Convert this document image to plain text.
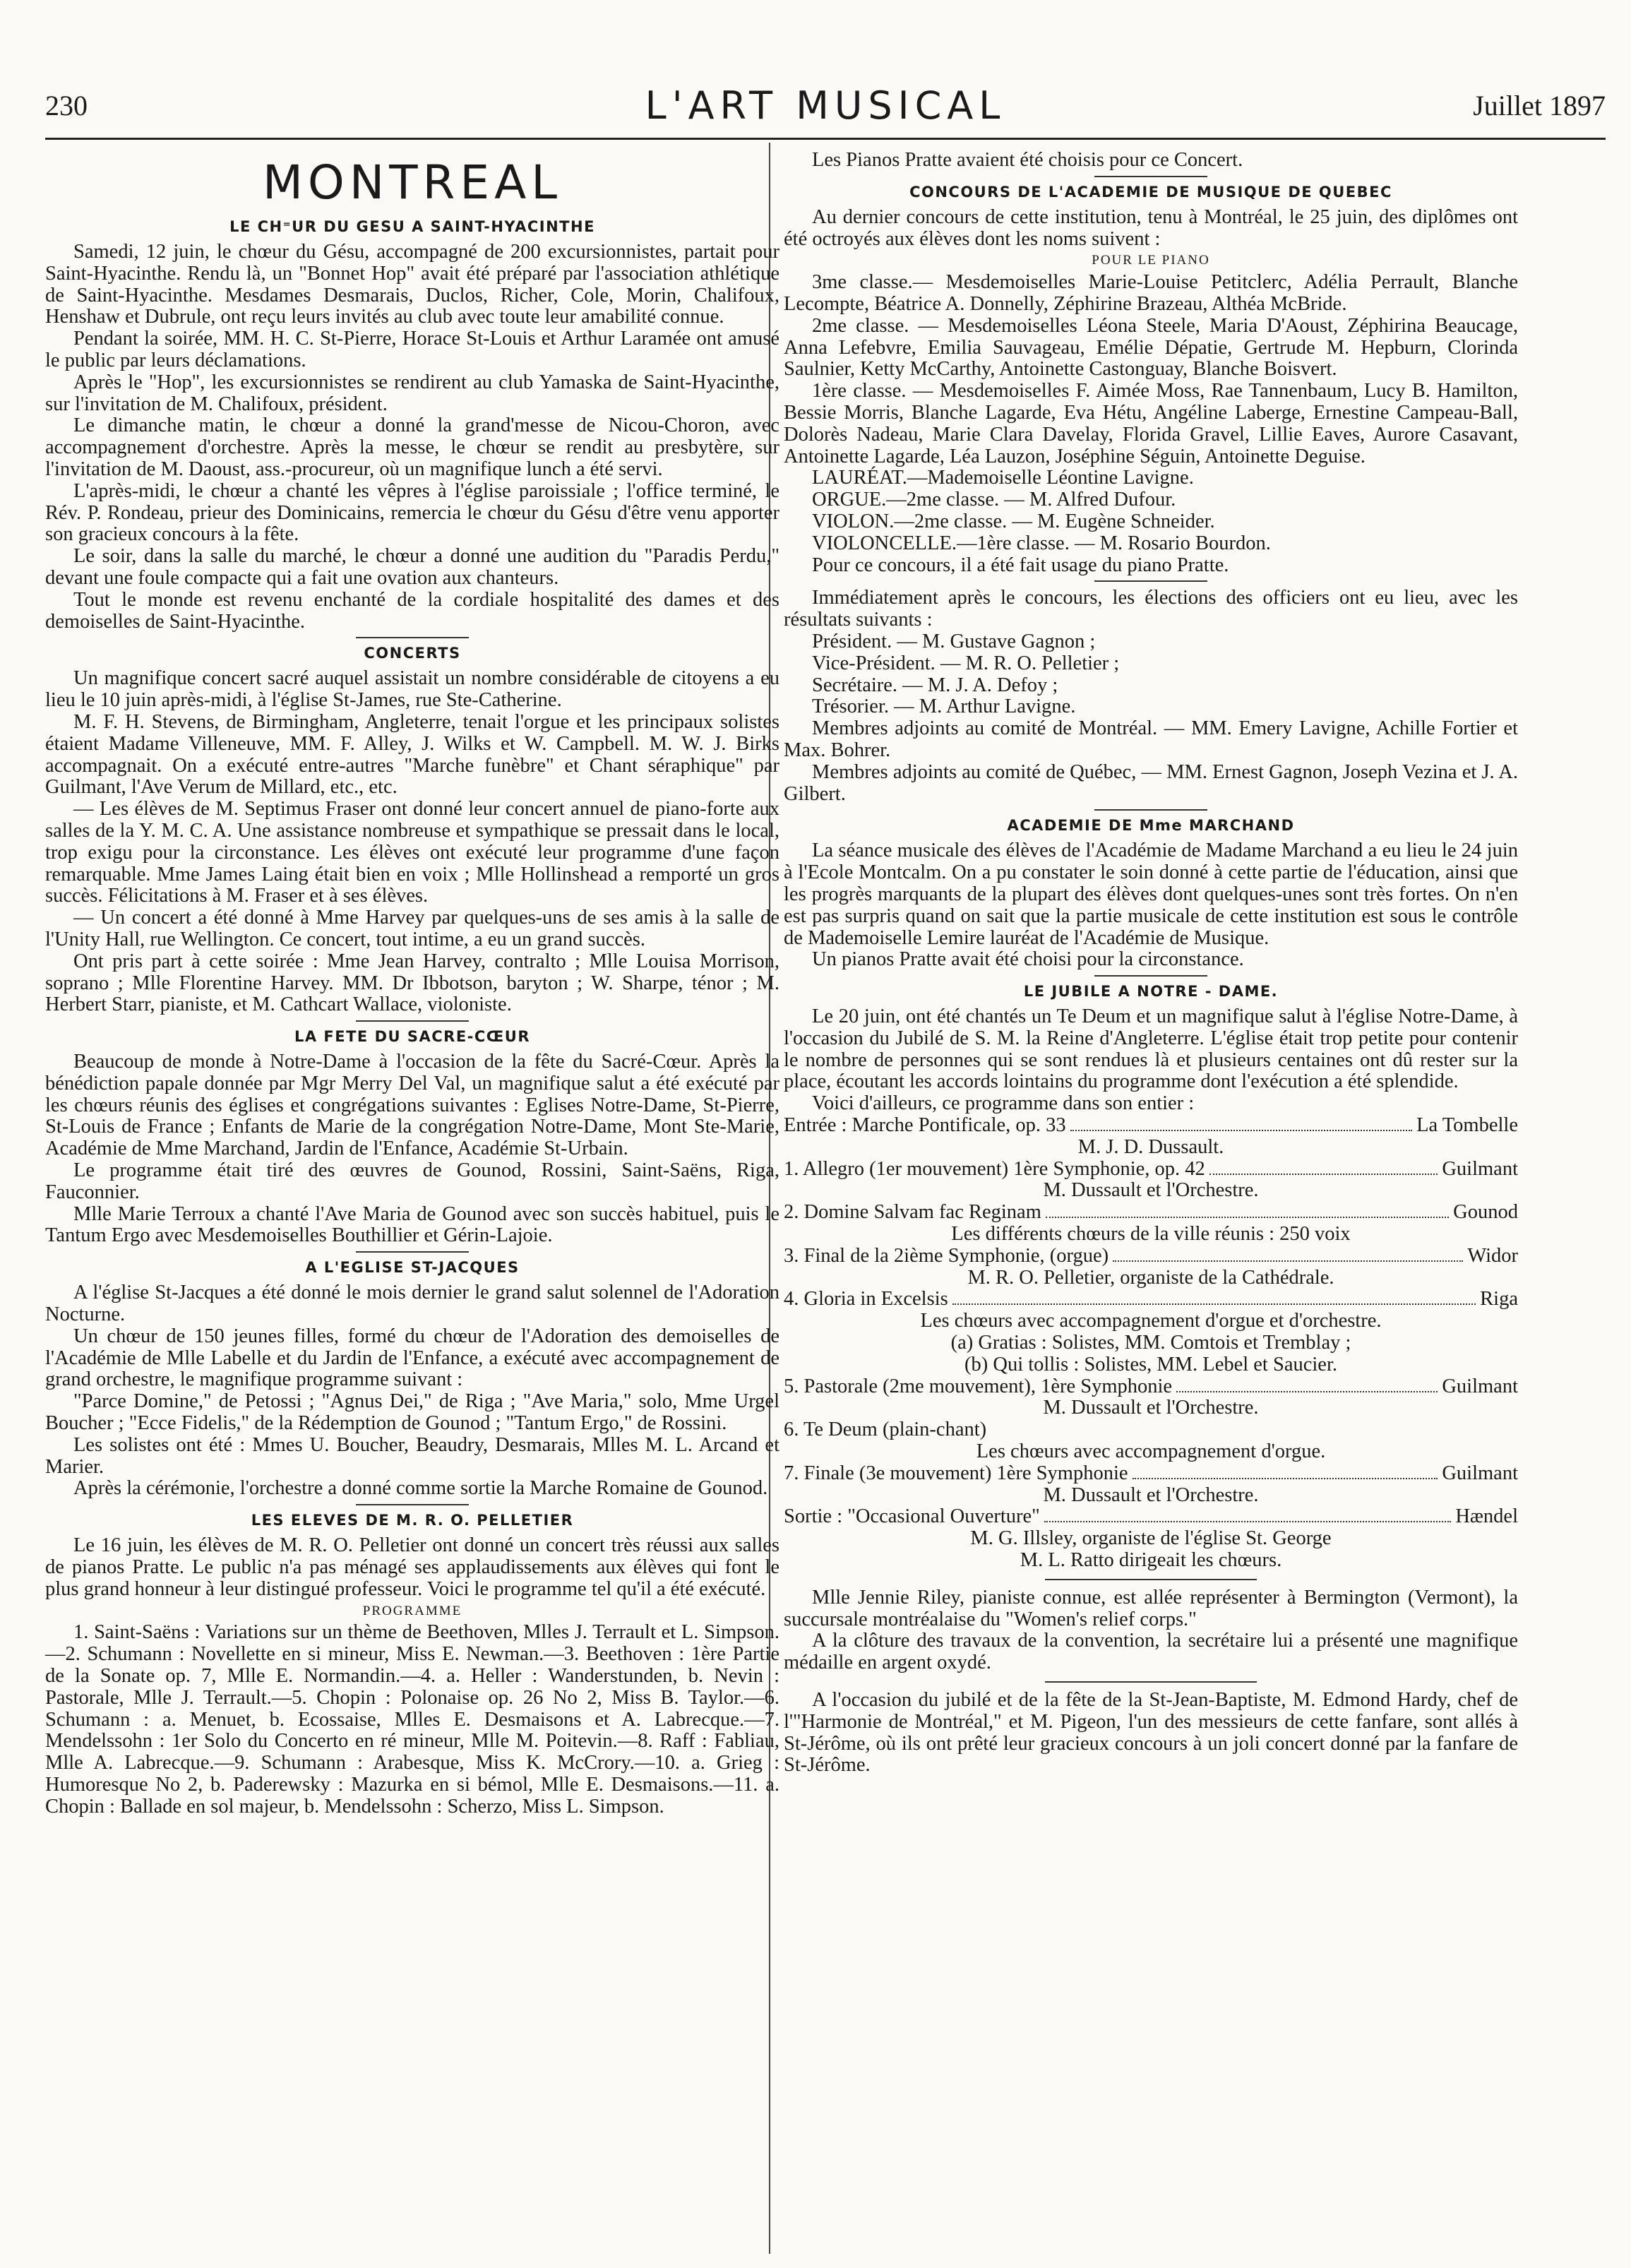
230	L'ART MUSICAL	Juillet 1897
MONTREAL
LE CH⁼UR DU GESU A SAINT-HYACINTHE

Samedi, 12 juin, le chœur du Gésu, accompagné de 200 excursionnistes, partait pour Saint-Hyacinthe. Rendu là, un "Bonnet Hop" avait été préparé par l'association athlétique de Saint-Hyacinthe. Mesdames Desmarais, Duclos, Richer, Cole, Morin, Chalifoux, Henshaw et Dubrule, ont reçu leurs invités au club avec toute leur amabilité connue.

Pendant la soirée, MM. H. C. St-Pierre, Horace St-Louis et Arthur Laramée ont amusé le public par leurs déclamations.

Après le "Hop", les excursionnistes se rendirent au club Yamaska de Saint-Hyacinthe, sur l'invitation de M. Chalifoux, président.

Le dimanche matin, le chœur a donné la grand'messe de Nicou-Choron, avec accompagnement d'orchestre. Après la messe, le chœur se rendit au presbytère, sur l'invitation de M. Daoust, ass.-procureur, où un magnifique lunch a été servi.

L'après-midi, le chœur a chanté les vêpres à l'église paroissiale ; l'office terminé, le Rév. P. Rondeau, prieur des Dominicains, remercia le chœur du Gésu d'être venu apporter son gracieux concours à la fête.

Le soir, dans la salle du marché, le chœur a donné une audition du "Paradis Perdu," devant une foule compacte qui a fait une ovation aux chanteurs.

Tout le monde est revenu enchanté de la cordiale hospitalité des dames et des demoiselles de Saint-Hyacinthe.

CONCERTS

Un magnifique concert sacré auquel assistait un nombre considérable de citoyens a eu lieu le 10 juin après-midi, à l'église St-James, rue Ste-Catherine.

M. F. H. Stevens, de Birmingham, Angleterre, tenait l'orgue et les principaux solistes étaient Madame Villeneuve, MM. F. Alley, J. Wilks et W. Campbell. M. W. J. Birks accompagnait. On a exécuté entre-autres "Marche funèbre" et Chant séraphique" par Guilmant, l'Ave Verum de Millard, etc., etc.

— Les élèves de M. Septimus Fraser ont donné leur concert annuel de piano-forte aux salles de la Y. M. C. A. Une assistance nombreuse et sympathique se pressait dans le local, trop exigu pour la circonstance. Les élèves ont exécuté leur programme d'une façon remarquable. Mme James Laing était bien en voix ; Mlle Hollinshead a remporté un gros succès. Félicitations à M. Fraser et à ses élèves.

— Un concert a été donné à Mme Harvey par quelques-uns de ses amis à la salle de l'Unity Hall, rue Wellington. Ce concert, tout intime, a eu un grand succès.

Ont pris part à cette soirée : Mme Jean Harvey, contralto ; Mlle Louisa Morrison, soprano ; Mlle Florentine Harvey. MM. Dr Ibbotson, baryton ; W. Sharpe, ténor ; M. Herbert Starr, pianiste, et M. Cathcart Wallace, violoniste.

LA FETE DU SACRE-CŒUR

Beaucoup de monde à Notre-Dame à l'occasion de la fête du Sacré-Cœur. Après la bénédiction papale donnée par Mgr Merry Del Val, un magnifique salut a été exécuté par les chœurs réunis des églises et congrégations suivantes : Eglises Notre-Dame, St-Pierre, St-Louis de France ; Enfants de Marie de la congrégation Notre-Dame, Mont Ste-Marie, Académie de Mme Marchand, Jardin de l'Enfance, Académie St-Urbain.

Le programme était tiré des œuvres de Gounod, Rossini, Saint-Saëns, Riga, Fauconnier.

Mlle Marie Terroux a chanté l'Ave Maria de Gounod avec son succès habituel, puis le Tantum Ergo avec Mesdemoiselles Bouthillier et Gérin-Lajoie.

A L'EGLISE ST-JACQUES

A l'église St-Jacques a été donné le mois dernier le grand salut solennel de l'Adoration Nocturne.

Un chœur de 150 jeunes filles, formé du chœur de l'Adoration des demoiselles de l'Académie de Mlle Labelle et du Jardin de l'Enfance, a exécuté avec accompagnement de grand orchestre, le magnifique programme suivant :

"Parce Domine," de Petossi ; "Agnus Dei," de Riga ; "Ave Maria," solo, Mme Urgel Boucher ; "Ecce Fidelis," de la Rédemption de Gounod ; "Tantum Ergo," de Rossini.

Les solistes ont été : Mmes U. Boucher, Beaudry, Desmarais, Mlles M. L. Arcand et Marier.

Après la cérémonie, l'orchestre a donné comme sortie la Marche Romaine de Gounod.

LES ELEVES DE M. R. O. PELLETIER

Le 16 juin, les élèves de M. R. O. Pelletier ont donné un concert très réussi aux salles de pianos Pratte. Le public n'a pas ménagé ses applaudissements aux élèves qui font le plus grand honneur à leur distingué professeur. Voici le programme tel qu'il a été exécuté.

PROGRAMME

1. Saint-Saëns : Variations sur un thème de Beethoven, Mlles J. Terrault et L. Simpson.—2. Schumann : Novellette en si mineur, Miss E. Newman.—3. Beethoven : 1ère Partie de la Sonate op. 7, Mlle E. Normandin.—4. a. Heller : Wanderstunden, b. Nevin : Pastorale, Mlle J. Terrault.—5. Chopin : Polonaise op. 26 No 2, Miss B. Taylor.—6. Schumann : a. Menuet, b. Ecossaise, Mlles E. Desmaisons et A. Labrecque.—7. Mendelssohn : 1er Solo du Concerto en ré mineur, Mlle M. Poitevin.—8. Raff : Fabliau, Mlle A. Labrecque.—9. Schumann : Arabesque, Miss K. McCrory.—10. a. Grieg : Humoresque No 2, b. Paderewsky : Mazurka en si bémol, Mlle E. Desmaisons.—11. a. Chopin : Ballade en sol majeur, b. Mendelssohn : Scherzo, Miss L. Simpson.

Les Pianos Pratte avaient été choisis pour ce Concert.

CONCOURS DE L'ACADEMIE DE MUSIQUE DE QUEBEC

Au dernier concours de cette institution, tenu à Montréal, le 25 juin, des diplômes ont été octroyés aux élèves dont les noms suivent :

POUR LE PIANO

3me classe.— Mesdemoiselles Marie-Louise Petitclerc, Adélia Perrault, Blanche Lecompte, Béatrice A. Donnelly, Zéphirine Brazeau, Althéa McBride.

2me classe. — Mesdemoiselles Léona Steele, Maria D'Aoust, Zéphirina Beaucage, Anna Lefebvre, Emilia Sauvageau, Emélie Dépatie, Gertrude M. Hepburn, Clorinda Saulnier, Ketty McCarthy, Antoinette Castonguay, Blanche Boisvert.

1ère classe. — Mesdemoiselles F. Aimée Moss, Rae Tannenbaum, Lucy B. Hamilton, Bessie Morris, Blanche Lagarde, Eva Hétu, Angéline Laberge, Ernestine Campeau-Ball, Dolorès Nadeau, Marie Clara Davelay, Florida Gravel, Lillie Eaves, Aurore Casavant, Antoinette Lagarde, Léa Lauzon, Joséphine Séguin, Antoinette Deguise.

LAURÉAT.—Mademoiselle Léontine Lavigne.

ORGUE.—2me classe. — M. Alfred Dufour.

VIOLON.—2me classe. — M. Eugène Schneider.

VIOLONCELLE.—1ère classe. — M. Rosario Bourdon.

Pour ce concours, il a été fait usage du piano Pratte.

Immédiatement après le concours, les élections des officiers ont eu lieu, avec les résultats suivants :

Président. — M. Gustave Gagnon ;

Vice-Président. — M. R. O. Pelletier ;

Secrétaire. — M. J. A. Defoy ;

Trésorier. — M. Arthur Lavigne.

Membres adjoints au comité de Montréal. — MM. Emery Lavigne, Achille Fortier et Max. Bohrer.

Membres adjoints au comité de Québec, — MM. Ernest Gagnon, Joseph Vezina et J. A. Gilbert.

ACADEMIE DE Mme MARCHAND

La séance musicale des élèves de l'Académie de Madame Marchand a eu lieu le 24 juin à l'Ecole Montcalm. On a pu constater le soin donné à cette partie de l'éducation, ainsi que les progrès marquants de la plupart des élèves dont quelques-unes sont très fortes. On n'en est pas surpris quand on sait que la partie musicale de cette institution est sous le contrôle de Mademoiselle Lemire lauréat de l'Académie de Musique.

Un pianos Pratte avait été choisi pour la circonstance.

LE JUBILE A NOTRE - DAME.

Le 20 juin, ont été chantés un Te Deum et un magnifique salut à l'église Notre-Dame, à l'occasion du Jubilé de S. M. la Reine d'Angleterre. L'église était trop petite pour contenir le nombre de personnes qui se sont rendues là et plusieurs centaines ont dû rester sur la place, écoutant les accords lointains du programme dont l'exécution a été splendide.

Voici d'ailleurs, ce programme dans son entier :

Entrée : Marche Pontificale, op. 33	La Tombelle
M. J. D. Dussault.
1. Allegro (1er mouvement) 1ère Symphonie, op. 42	Guilmant
M. Dussault et l'Orchestre.
2. Domine Salvam fac Reginam	Gounod
Les différents chœurs de la ville réunis : 250 voix
3. Final de la 2ième Symphonie, (orgue)	Widor
M. R. O. Pelletier, organiste de la Cathédrale.
4. Gloria in Excelsis	Riga
Les chœurs avec accompagnement d'orgue et d'orchestre.
(a) Gratias : Solistes, MM. Comtois et Tremblay ;
(b) Qui tollis : Solistes, MM. Lebel et Saucier.
5. Pastorale (2me mouvement), 1ère Symphonie	Guilmant
M. Dussault et l'Orchestre.
6. Te Deum (plain-chant)
Les chœurs avec accompagnement d'orgue.
7. Finale (3e mouvement) 1ère Symphonie	Guilmant
M. Dussault et l'Orchestre.
Sortie : "Occasional Ouverture"	Hændel
M. G. Illsley, organiste de l'église St. George
M. L. Ratto dirigeait les chœurs.

Mlle Jennie Riley, pianiste connue, est allée représenter à Bermington (Vermont), la succursale montréalaise du "Women's relief corps."

A la clôture des travaux de la convention, la secrétaire lui a présenté une magnifique médaille en argent oxydé.

A l'occasion du jubilé et de la fête de la St-Jean-Baptiste, M. Edmond Hardy, chef de l'"Harmonie de Montréal," et M. Pigeon, l'un des messieurs de cette fanfare, sont allés à St-Jérôme, où ils ont prêté leur gracieux concours à un joli concert donné par la fanfare de St-Jérôme.
